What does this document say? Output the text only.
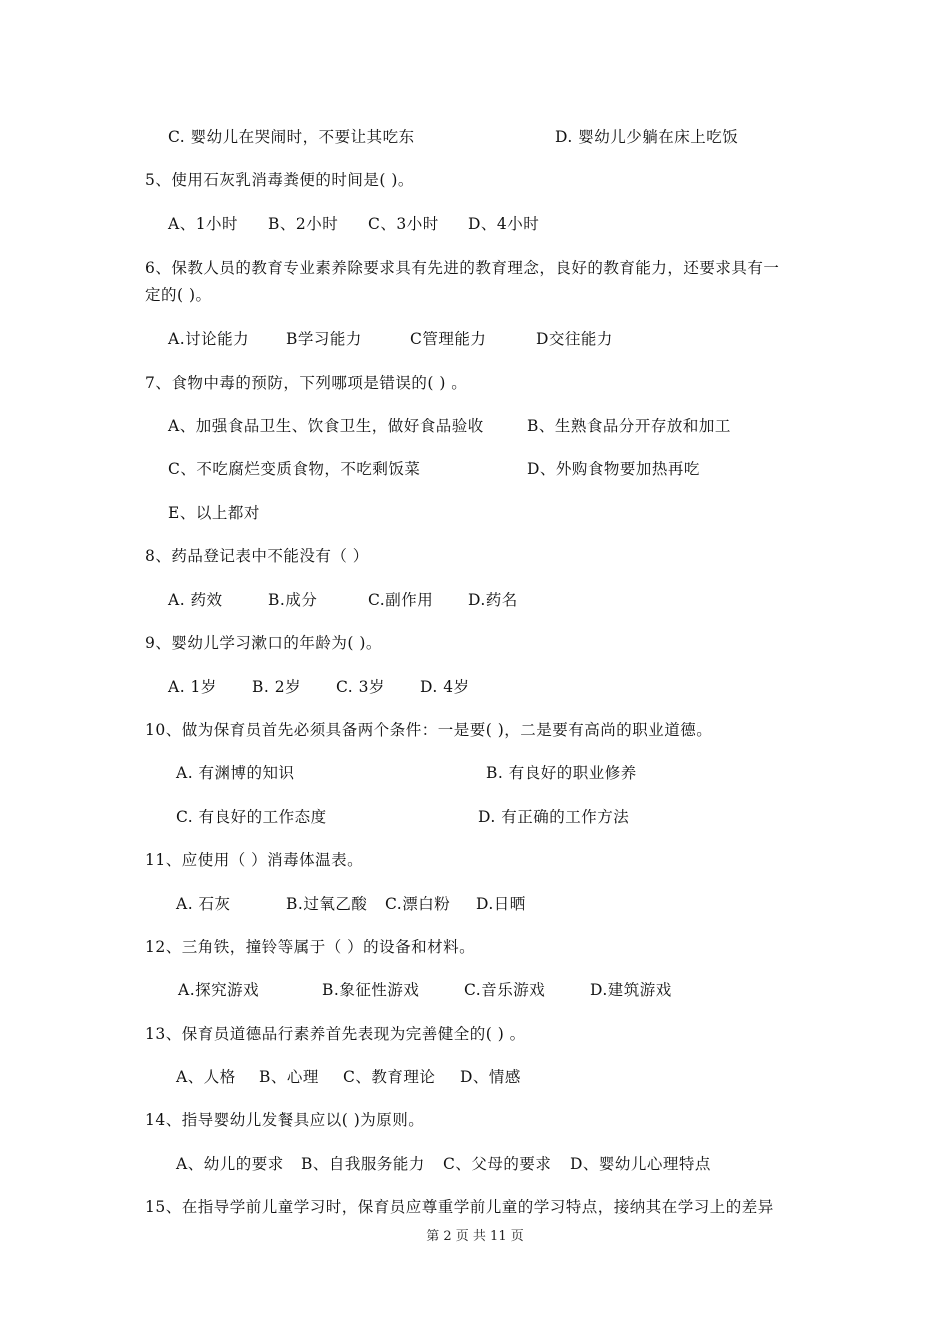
C. 婴幼儿在哭闹时，不要让其吃东	D. 婴幼儿少躺在床上吃饭
5、使用石灰乳消毒粪便的时间是( )。
A、1小时 B、2小时 C、3小时 D、4小时
6、保教人员的教育专业素养除要求具有先进的教育理念，良好的教育能力，还要求具有一
定的( )。
A.讨论能力 B学习能力	C管理能力	D交往能力
7、食物中毒的预防，下列哪项是错误的( ) 。
A、加强食品卫生、饮食卫生，做好食品验收	B、生熟食品分开存放和加工
C、不吃腐烂变质食物，不吃剩饭菜	D、外购食物要加热再吃
E、以上都对
8、药品登记表中不能没有（ ）
A. 药效	B.成分	C.副作用 D.药名
9、婴幼儿学习漱口的年龄为( )。
A. 1岁 B. 2岁 C. 3岁 D. 4岁
10、做为保育员首先必须具备两个条件：一是要( )，二是要有高尚的职业道德。
A. 有渊博的知识	B. 有良好的职业修养
C. 有良好的工作态度	D. 有正确的工作方法
11、应使用（ ）消毒体温表。
A. 石灰	B.过氧乙酸 C.漂白粉 D.日晒
12、三角铁，撞铃等属于（ ）的设备和材料。
A.探究游戏	B.象征性游戏	C.音乐游戏	D.建筑游戏
13、保育员道德品行素养首先表现为完善健全的( ) 。
A、人格 B、心理 C、教育理论 D、情感
14、指导婴幼儿发餐具应以( )为原则。
A、幼儿的要求 B、自我服务能力 C、父母的要求 D、婴幼儿心理特点
15、在指导学前儿童学习时，保育员应尊重学前儿童的学习特点，接纳其在学习上的差异
第 2 页 共 11 页
